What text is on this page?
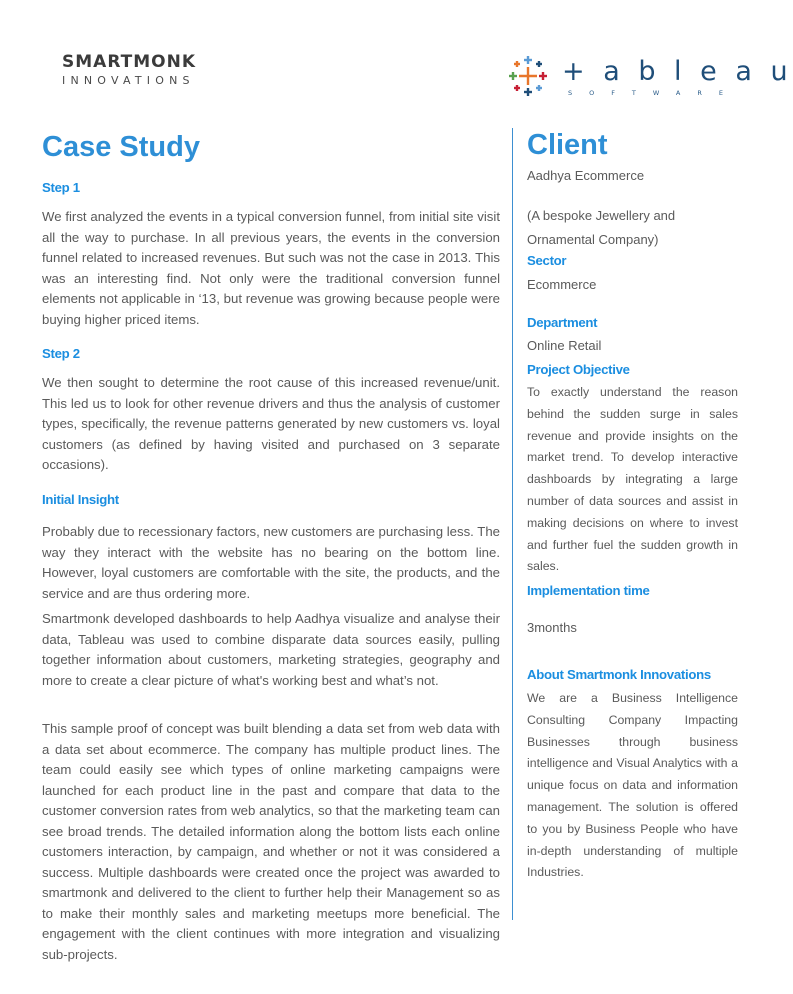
SMARTMONK
INNOVATIONS	+ a b l e a u
SOFTWARE
Case Study
Step 1

We first analyzed the events in a typical conversion funnel, from initial site visit all the way to purchase. In all previous years, the events in the conversion funnel related to increased revenues. But such was not the case in 2013. This was an interesting find. Not only were the traditional conversion funnel elements not applicable in ‘13, but revenue was growing because people were buying higher priced items.

Step 2

We then sought to determine the root cause of this increased revenue/unit. This led us to look for other revenue drivers and thus the analysis of customer types, specifically, the revenue patterns generated by new customers vs. loyal customers (as defined by having visited and purchased on 3 separate occasions).

Initial Insight

Probably due to recessionary factors, new customers are purchasing less. The way they interact with the website has no bearing on the bottom line. However, loyal customers are comfortable with the site, the products, and the service and are thus ordering more.

Smartmonk developed dashboards to help Aadhya visualize and analyse their data, Tableau was used to combine disparate data sources easily, pulling together information about customers, marketing strategies, geography and more to create a clear picture of what's working best and what’s not.

This sample proof of concept was built blending a data set from web data with a data set about ecommerce. The company has multiple product lines. The team could easily see which types of online marketing campaigns were launched for each product line in the past and compare that data to the customer conversion rates from web analytics, so that the marketing team can see broad trends. The detailed information along the bottom lists each online customers interaction, by campaign, and whether or not it was considered a success. Multiple dashboards were created once the project was awarded to smartmonk and delivered to the client to further help their Management so as to make their monthly sales and marketing meetups more beneficial. The engagement with the client continues with more integration and visualizing sub-projects.

Client

Aadhya Ecommerce

(A bespoke Jewellery and Ornamental Company)

Sector

Ecommerce

Department

Online Retail

Project Objective

To exactly understand the reason behind the sudden surge in sales revenue and provide insights on the market trend. To develop interactive dashboards by integrating a large number of data sources and assist in making decisions on where to invest and further fuel the sudden growth in sales.

Implementation time

3months

About Smartmonk Innovations

We are a Business Intelligence Consulting Company Impacting Businesses through business intelligence and Visual Analytics with a unique focus on data and information management. The solution is offered to you by Business People who have in-depth understanding of multiple Industries.
